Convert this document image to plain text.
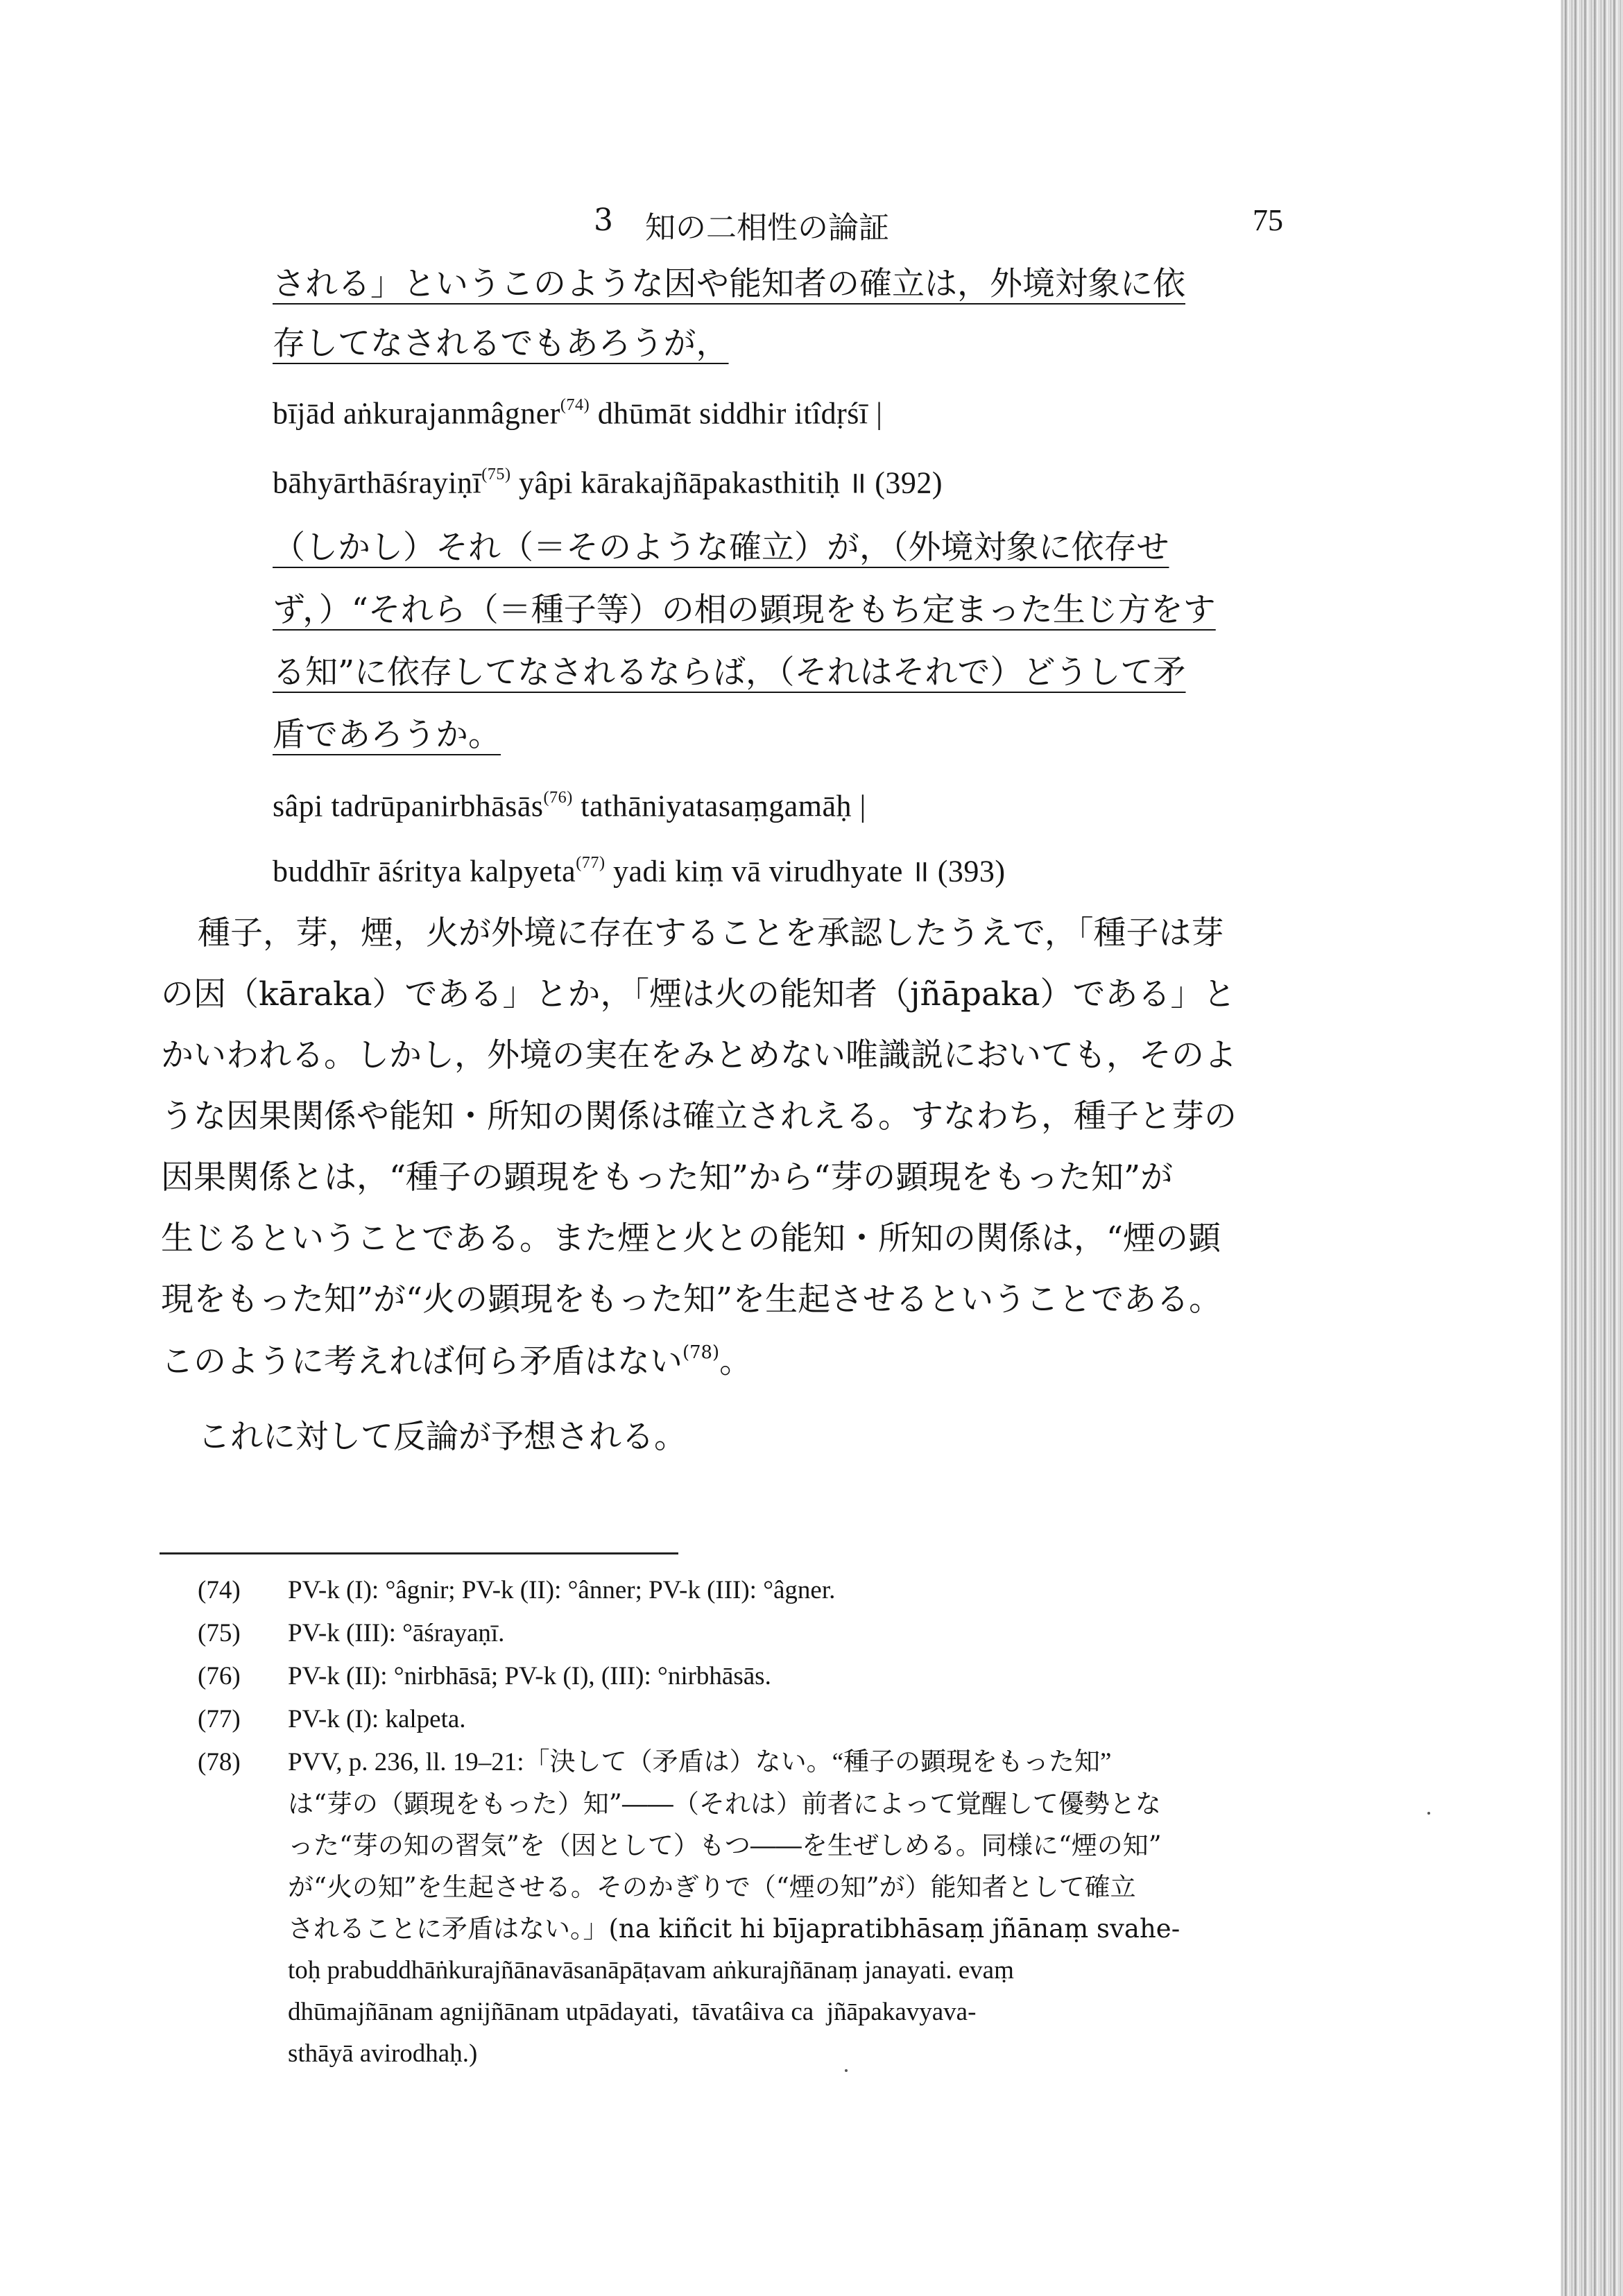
3 知の二相性の論証	75
される」というこのような因や能知者の確立は，外境対象に依
存してなされるでもあろうが，
bījād aṅkurajanmâgner$^{(74)}$ dhūmāt siddhir itîdṛśī |
bāhyārthāśrayiṇī$^{(75)}$ yâpi kārakajñāpakasthitiḥ ॥ (392)
（しかし）それ（＝そのような確立）が，（外境対象に依存せ
ず，）“それら（＝種子等）の相の顕現をもち定まった生じ方をす
る知”に依存してなされるならば，（それはそれで）どうして矛
盾であろうか。
sâpi tadrūpanirbhāsās$^{(76)}$ tathāniyatasaṃgamāḥ |
buddhīr āśritya kalpyeta$^{(77)}$ yadi kiṃ vā virudhyate ॥ (393)
種子，芽，煙，火が外境に存在することを承認したうえで，「種子は芽
の因（kāraka）である」とか，「煙は火の能知者（jñāpaka）である」と
かいわれる。しかし，外境の実在をみとめない唯識説においても，そのよ
うな因果関係や能知・所知の関係は確立されえる。すなわち，種子と芽の
因果関係とは，“種子の顕現をもった知”から“芽の顕現をもった知”が
生じるということである。また煙と火との能知・所知の関係は，“煙の顕
現をもった知”が“火の顕現をもった知”を生起させるということである。
このように考えれば何ら矛盾はない$^{(78)}$。
これに対して反論が予想される。
(74) PV-k (I): °âgnir; PV-k (II): °ânner; PV-k (III): °âgner.
(75) PV-k (III): °āśrayaṇī.
(76) PV-k (II): °nirbhāsā; PV-k (I), (III): °nirbhāsās.
(77) PV-k (I): kalpeta.
(78) PVV, p. 236, ll. 19–21:「決して（矛盾は）ない。“種子の顕現をもった知”
は“芽の（顕現をもった）知”――（それは）前者によって覚醒して優勢とな
った“芽の知の習気”を（因として）もつ――を生ぜしめる。同様に“煙の知”
が“火の知”を生起させる。そのかぎりで（“煙の知”が）能知者として確立
されることに矛盾はない。」(na kiñcit hi bījapratibhāsaṃ jñānaṃ svahe-
toḥ prabuddhāṅkurajñānavāsanāpāṭavam aṅkurajñānaṃ janayati. evaṃ
dhūmajñānam agnijñānam utpādayati,  tāvatâiva ca  jñāpakavyava-
sthāyā avirodhaḥ.)
